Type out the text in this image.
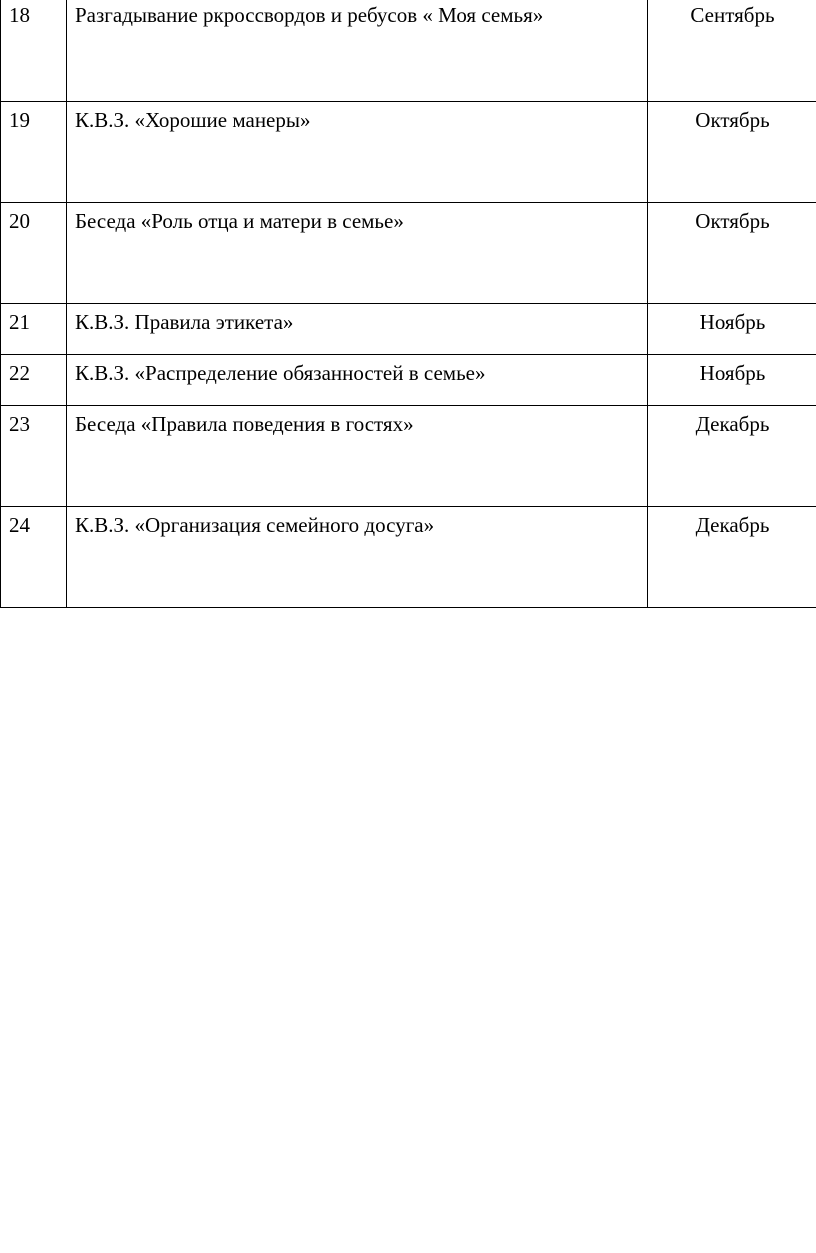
18	Разгадывание ркроссвордов и ребусов « Моя семья»	Сентябрь
19	К.В.З. «Хорошие манеры»	Октябрь
20	Беседа «Роль отца и матери в семье»	Октябрь
21	К.В.З. Правила этикета»	Ноябрь
22	К.В.З. «Распределение обязанностей в семье»	Ноябрь
23	Беседа «Правила поведения в гостях»	Декабрь
24	К.В.З. «Организация семейного досуга»	Декабрь
